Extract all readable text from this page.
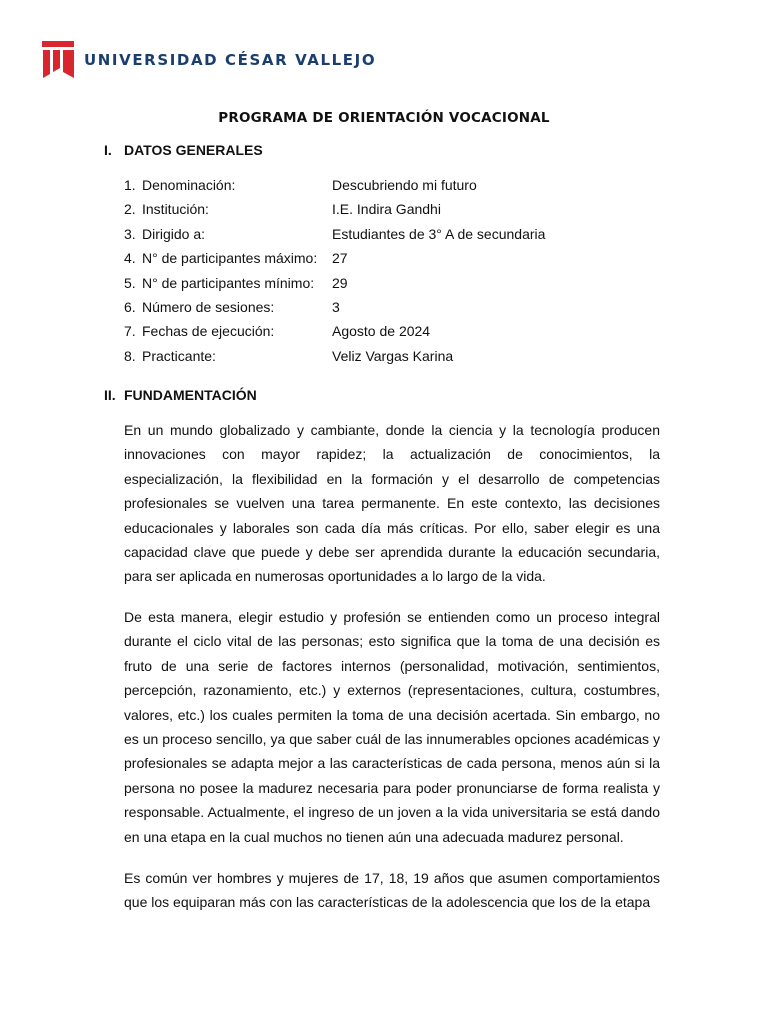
UNIVERSIDAD CÉSAR VALLEJO
PROGRAMA DE ORIENTACIÓN VOCACIONAL
I. DATOS GENERALES
1. Denominación:	Descubriendo mi futuro
2. Institución:	I.E. Indira Gandhi
3. Dirigido a:	Estudiantes de 3° A de secundaria
4. N° de participantes máximo: 27
5. N° de participantes mínimo: 29
6. Número de sesiones:	3
7. Fechas de ejecución:	Agosto de 2024
8. Practicante:	Veliz Vargas Karina
II. FUNDAMENTACIÓN

En un mundo globalizado y cambiante, donde la ciencia y la tecnología producen innovaciones con mayor rapidez; la actualización de conocimientos, la especialización, la flexibilidad en la formación y el desarrollo de competencias profesionales se vuelven una tarea permanente. En este contexto, las decisiones educacionales y laborales son cada día más críticas. Por ello, saber elegir es una capacidad clave que puede y debe ser aprendida durante la educación secundaria, para ser aplicada en numerosas oportunidades a lo largo de la vida.

De esta manera, elegir estudio y profesión se entienden como un proceso integral durante el ciclo vital de las personas; esto significa que la toma de una decisión es fruto de una serie de factores internos (personalidad, motivación, sentimientos, percepción, razonamiento, etc.) y externos (representaciones, cultura, costumbres, valores, etc.) los cuales permiten la toma de una decisión acertada. Sin embargo, no es un proceso sencillo, ya que saber cuál de las innumerables opciones académicas y profesionales se adapta mejor a las características de cada persona, menos aún si la persona no posee la madurez necesaria para poder pronunciarse de forma realista y responsable. Actualmente, el ingreso de un joven a la vida universitaria se está dando en una etapa en la cual muchos no tienen aún una adecuada madurez personal.

Es común ver hombres y mujeres de 17, 18, 19 años que asumen comportamientos que los equiparan más con las características de la adolescencia que los de la etapa
